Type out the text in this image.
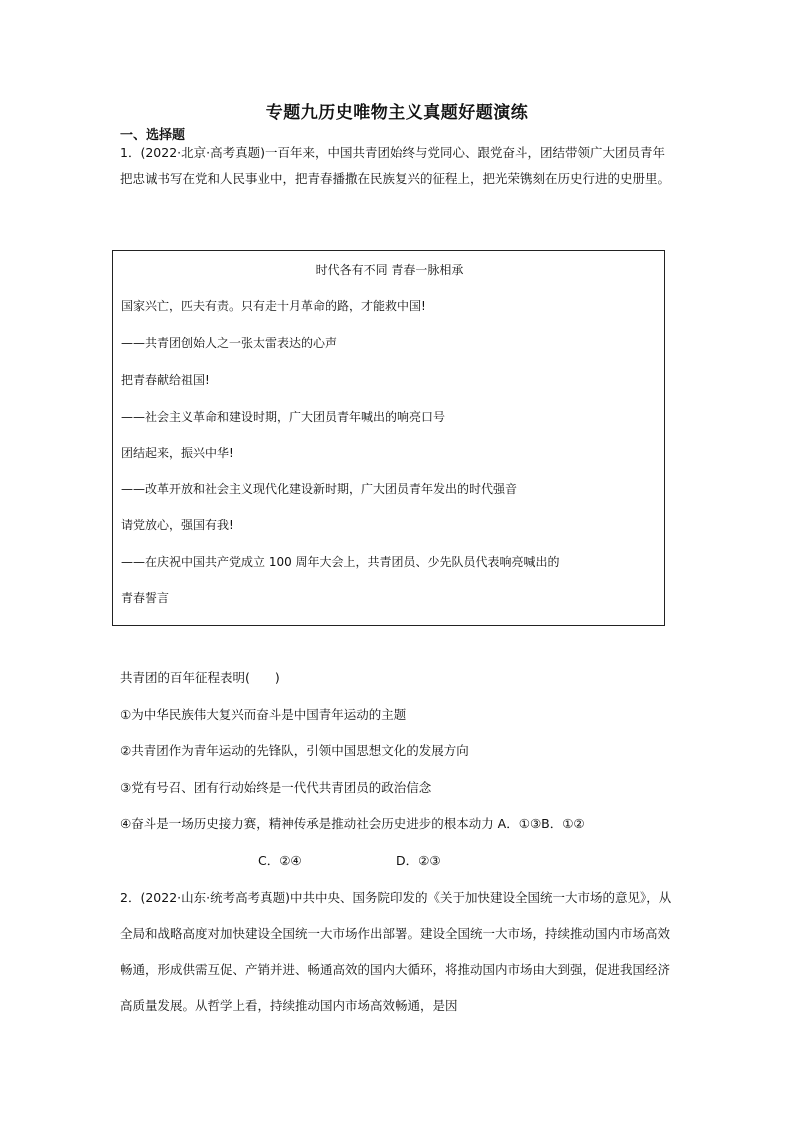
专题九历史唯物主义真题好题演练
一、选择题

1．(2022·北京·高考真题)一百年来，中国共青团始终与党同心、跟党奋斗，团结带领广大团员青年把忠诚书写在党和人民事业中，把青春播撒在民族复兴的征程上，把光荣镌刻在历史行进的史册里。

时代各有不同 青春一脉相承
国家兴亡，匹夫有责。只有走十月革命的路，才能救中国!
——共青团创始人之一张太雷表达的心声
把青春献给祖国!
——社会主义革命和建设时期，广大团员青年喊出的响亮口号
团结起来，振兴中华!
——改革开放和社会主义现代化建设新时期，广大团员青年发出的时代强音
请党放心，强国有我!
——在庆祝中国共产党成立 100 周年大会上，共青团员、少先队员代表响亮喊出的
青春誓言
共青团的百年征程表明(　　)
①为中华民族伟大复兴而奋斗是中国青年运动的主题
②共青团作为青年运动的先锋队，引领中国思想文化的发展方向
③党有号召、团有行动始终是一代代共青团员的政治信念
④奋斗是一场历史接力赛，精神传承是推动社会历史进步的根本动力 A．①③B．①②
C．②④	D．②③

2．(2022·山东·统考高考真题)中共中央、国务院印发的《关于加快建设全国统一大市场的意见》，从全局和战略高度对加快建设全国统一大市场作出部署。建设全国统一大市场，持续推动国内市场高效畅通，形成供需互促、产销并进、畅通高效的国内大循环，将推动国内市场由大到强，促进我国经济高质量发展。从哲学上看，持续推动国内市场高效畅通，是因
